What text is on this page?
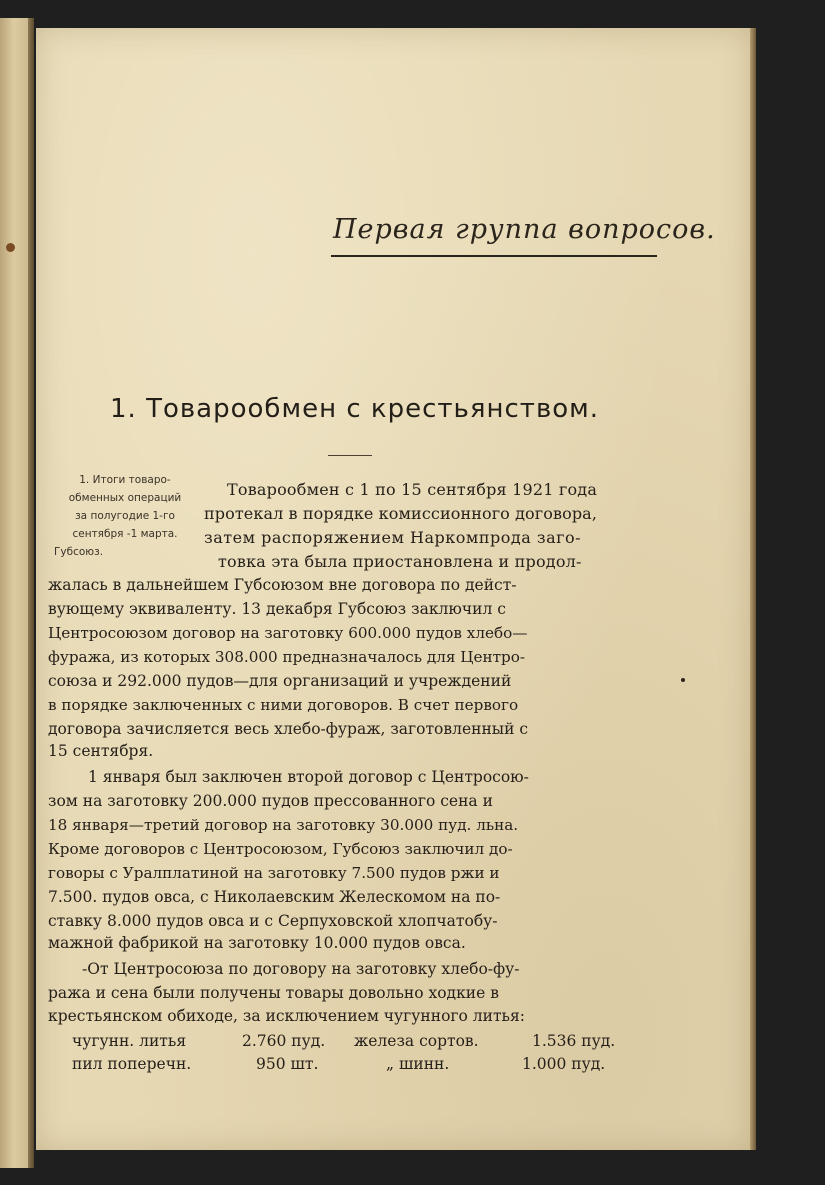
Первая группа вопросов.
1. Товарообмен с крестьянством.
1. Итоги товаро-
обменных операций
за полугодие 1-го
сентября -1 марта.
Губсоюз.
Товарообмен с 1 по 15 сентября 1921 года
протекал в порядке комиссионного договора,
затем распоряжением Наркомпрода заго-
товка эта была приостановлена и продол-
жалась в дальнейшем Губсоюзом вне договора по дейст-
вующему эквиваленту. 13 декабря Губсоюз заключил с
Центросоюзом договор на заготовку 600.000 пудов хлебо—
фуража, из которых 308.000 предназначалось для Центро-
союза и 292.000 пудов—для организаций и учреждений
в порядке заключенных с ними договоров. В счет первого
договора зачисляется весь хлебо-фураж, заготовленный с
15 сентября.
1 января был заключен второй договор с Центросою-
зом на заготовку 200.000 пудов прессованного сена и
18 января—третий договор на заготовку 30.000 пуд. льна.
Кроме договоров с Центросоюзом, Губсоюз заключил до-
говоры с Уралплатиной на заготовку 7.500 пудов ржи и
7.500. пудов овса, с Николаевским Желескомом на по-
ставку 8.000 пудов овса и с Серпуховской хлопчатобу-
мажной фабрикой на заготовку 10.000 пудов овса.
-От Центросоюза по договору на заготовку хлебо-фу-
ража и сена были получены товары довольно ходкие в
крестьянском обиходе, за исключением чугунного литья:
чугунн. литья	2.760 пуд. железа сортов.	1.536 пуд.
пил поперечн.	950 шт.	„ шинн.	1.000 пуд.
